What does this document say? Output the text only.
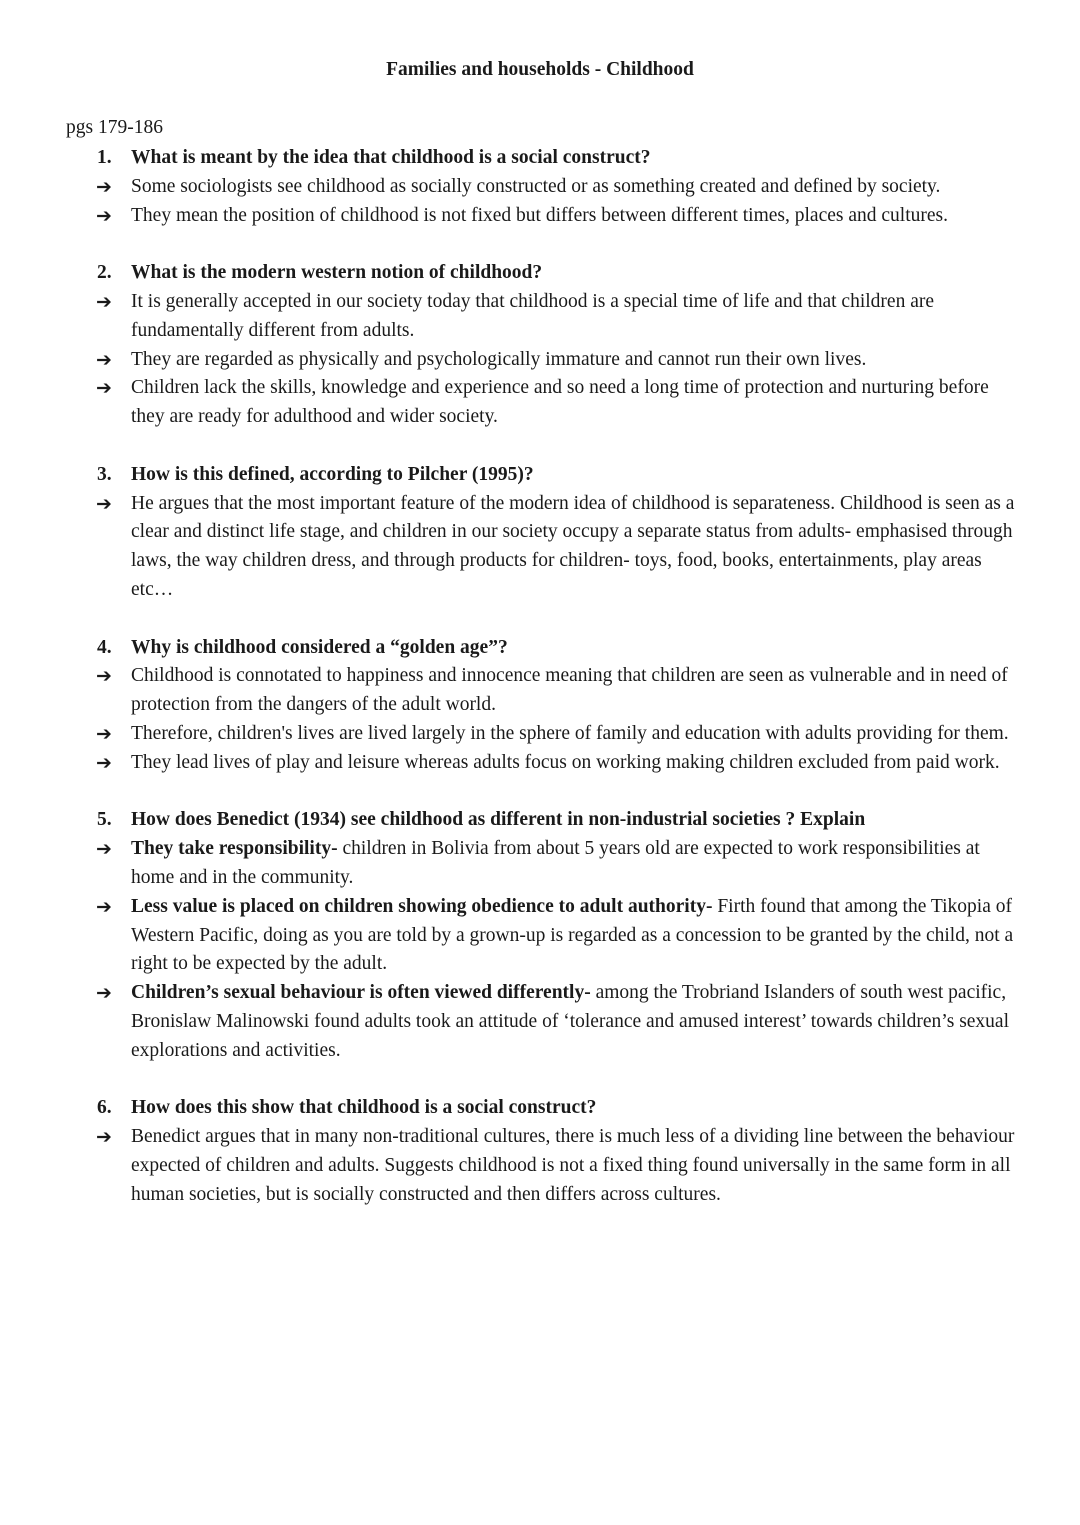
Families and households - Childhood
pgs 179-186
1. What is meant by the idea that childhood is a social construct?
➔ Some sociologists see childhood as socially constructed or as something created and defined by society.
➔ They mean the position of childhood is not fixed but differs between different times, places and cultures.
2. What is the modern western notion of childhood?
➔ It is generally accepted in our society today that childhood is a special time of life and that children are fundamentally different from adults.
➔ They are regarded as physically and psychologically immature and cannot run their own lives.
➔ Children lack the skills, knowledge and experience and so need a long time of protection and nurturing before they are ready for adulthood and wider society.
3. How is this defined, according to Pilcher (1995)?
➔ He argues that the most important feature of the modern idea of childhood is separateness. Childhood is seen as a clear and distinct life stage, and children in our society occupy a separate status from adults- emphasised through laws, the way children dress, and through products for children- toys, food, books, entertainments, play areas etc…
4. Why is childhood considered a “golden age”?
➔ Childhood is connotated to happiness and innocence meaning that children are seen as vulnerable and in need of protection from the dangers of the adult world.
➔ Therefore, children's lives are lived largely in the sphere of family and education with adults providing for them.
➔ They lead lives of play and leisure whereas adults focus on working making children excluded from paid work.
5. How does Benedict (1934) see childhood as different in non-industrial societies ? Explain
➔ They take responsibility- children in Bolivia from about 5 years old are expected to work responsibilities at home and in the community.
➔ Less value is placed on children showing obedience to adult authority- Firth found that among the Tikopia of Western Pacific, doing as you are told by a grown-up is regarded as a concession to be granted by the child, not a right to be expected by the adult.
➔ Children’s sexual behaviour is often viewed differently- among the Trobriand Islanders of south west pacific, Bronislaw Malinowski found adults took an attitude of ‘tolerance and amused interest’ towards children’s sexual explorations and activities.
6. How does this show that childhood is a social construct?
➔ Benedict argues that in many non-traditional cultures, there is much less of a dividing line between the behaviour expected of children and adults. Suggests childhood is not a fixed thing found universally in the same form in all human societies, but is socially constructed and then differs across cultures.
